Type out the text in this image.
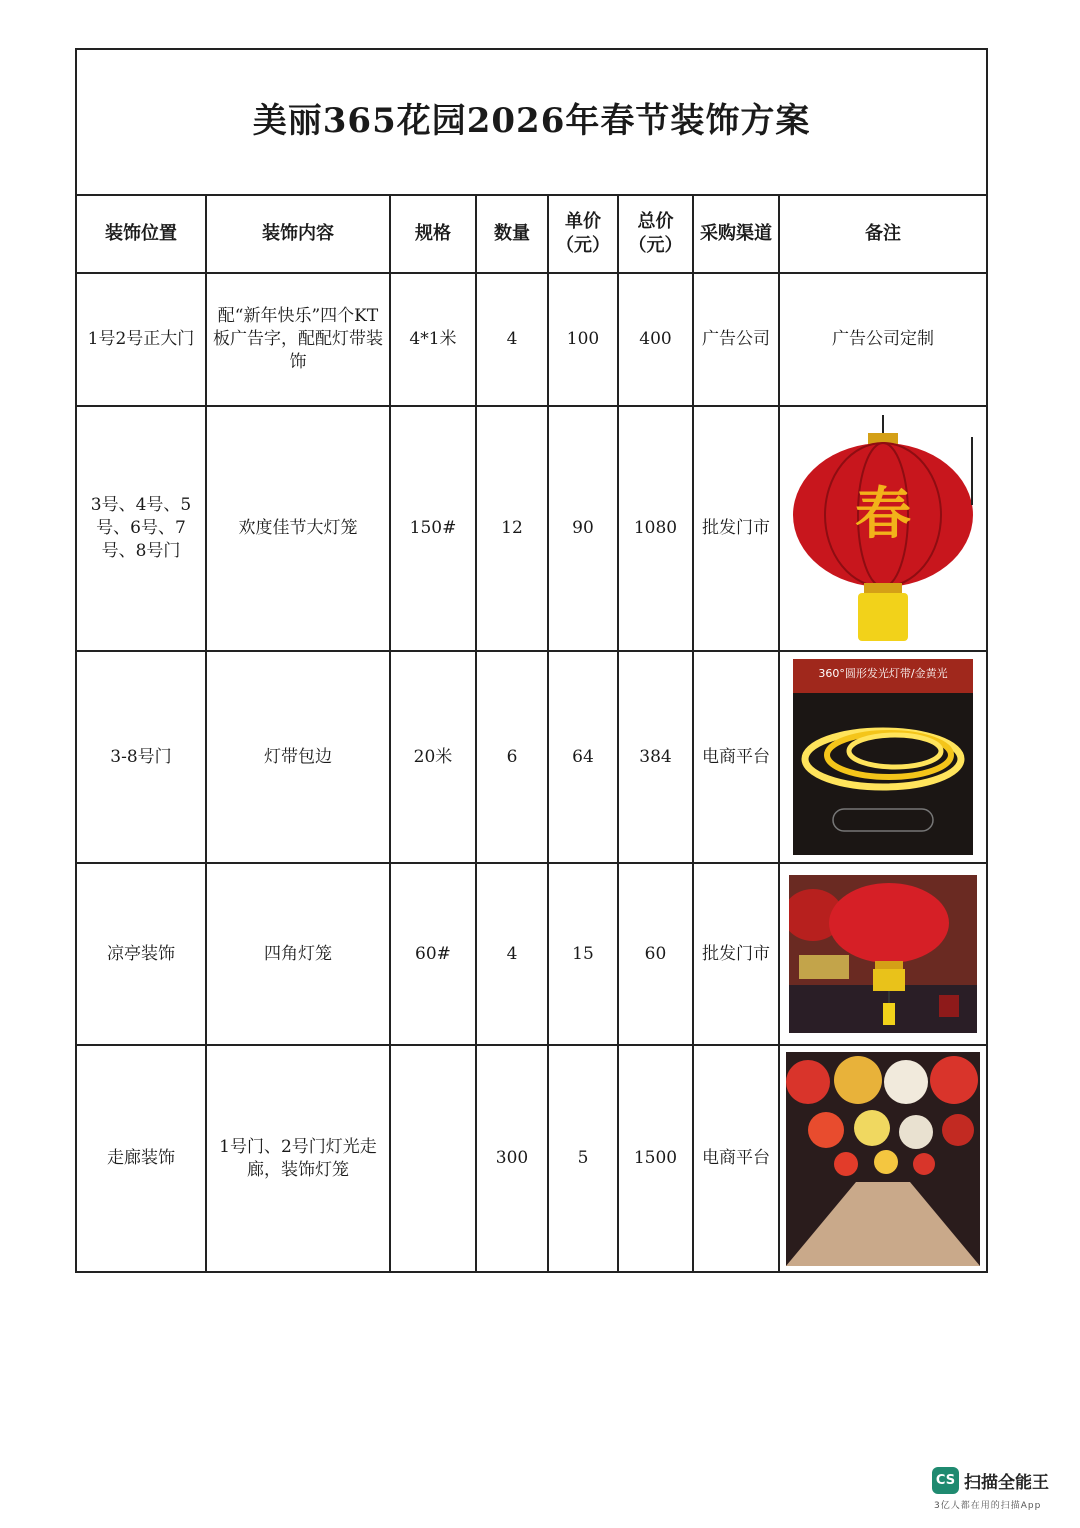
美丽365花园2026年春节装饰方案							
装饰位置	装饰内容	规格	数量	单价（元）	总价（元）	采购渠道	备注
1号2号正大门	配“新年快乐”四个KT板广告字，配配灯带装饰	4*1米	4	100	400	广告公司	广告公司定制
3号、4号、5号、6号、7号、8号门	欢度佳节大灯笼	150#	12	90	1080	批发门市	春

3-8号门	灯带包边	20米	6	64	384	电商平台	360°圆形发光灯带/金黄光

凉亭装饰	四角灯笼	60#	4	15	60	批发门市	

走廊装饰	1号门、2号门灯光走廊，装饰灯笼		300	5	1500	电商平台	
CS 扫描全能王
3亿人都在用的扫描App
